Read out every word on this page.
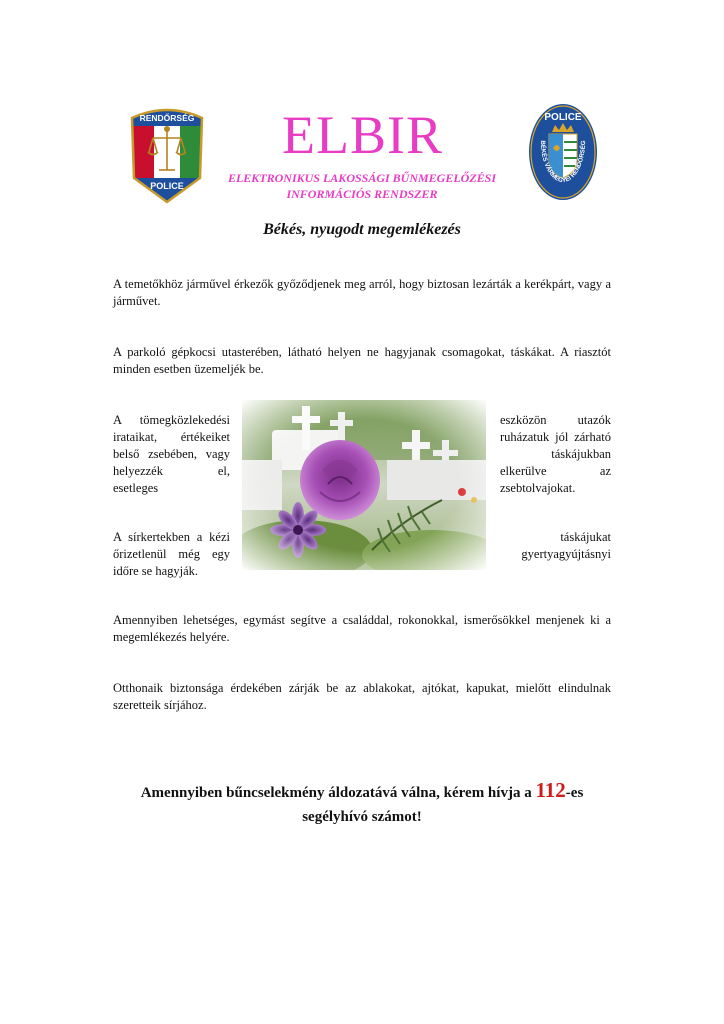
RENDŐRSÉG
POLICE
ELBIR
ELEKTRONIKUS LAKOSSÁGI BŰNMEGELŐZÉSI
INFORMÁCIÓS RENDSZER
POLICE
BÉKÉS VÁRMEGYEI RENDŐRSÉG
Békés, nyugodt megemlékezés
A temetőkhöz járművel érkezők győződjenek meg arról, hogy biztosan lezárták a kerékpárt, vagy a járművet.
A parkoló gépkocsi utasterében, látható helyen ne hagyjanak csomagokat, táskákat. A riasztót minden esetben üzemeljék be.
A tömegközlekedési
irataikat, értékeiket
belső zsebében, vagy
helyezzék el,
esetleges
eszközön utazók
ruházatuk jól zárható
táskájukban
elkerülve az
zsebtolvajokat.
A sírkertekben a kézi
őrizetlenül még egy
időre se hagyják.
táskájukat
gyertyagyújtásnyi
Amennyiben lehetséges, egymást segítve a családdal, rokonokkal, ismerősökkel menjenek ki a megemlékezés helyére.
Otthonaik biztonsága érdekében zárják be az ablakokat, ajtókat, kapukat, mielőtt elindulnak szeretteik sírjához.
Amennyiben bűncselekmény áldozatává válna, kérem hívja a 112-es
segélyhívó számot!
